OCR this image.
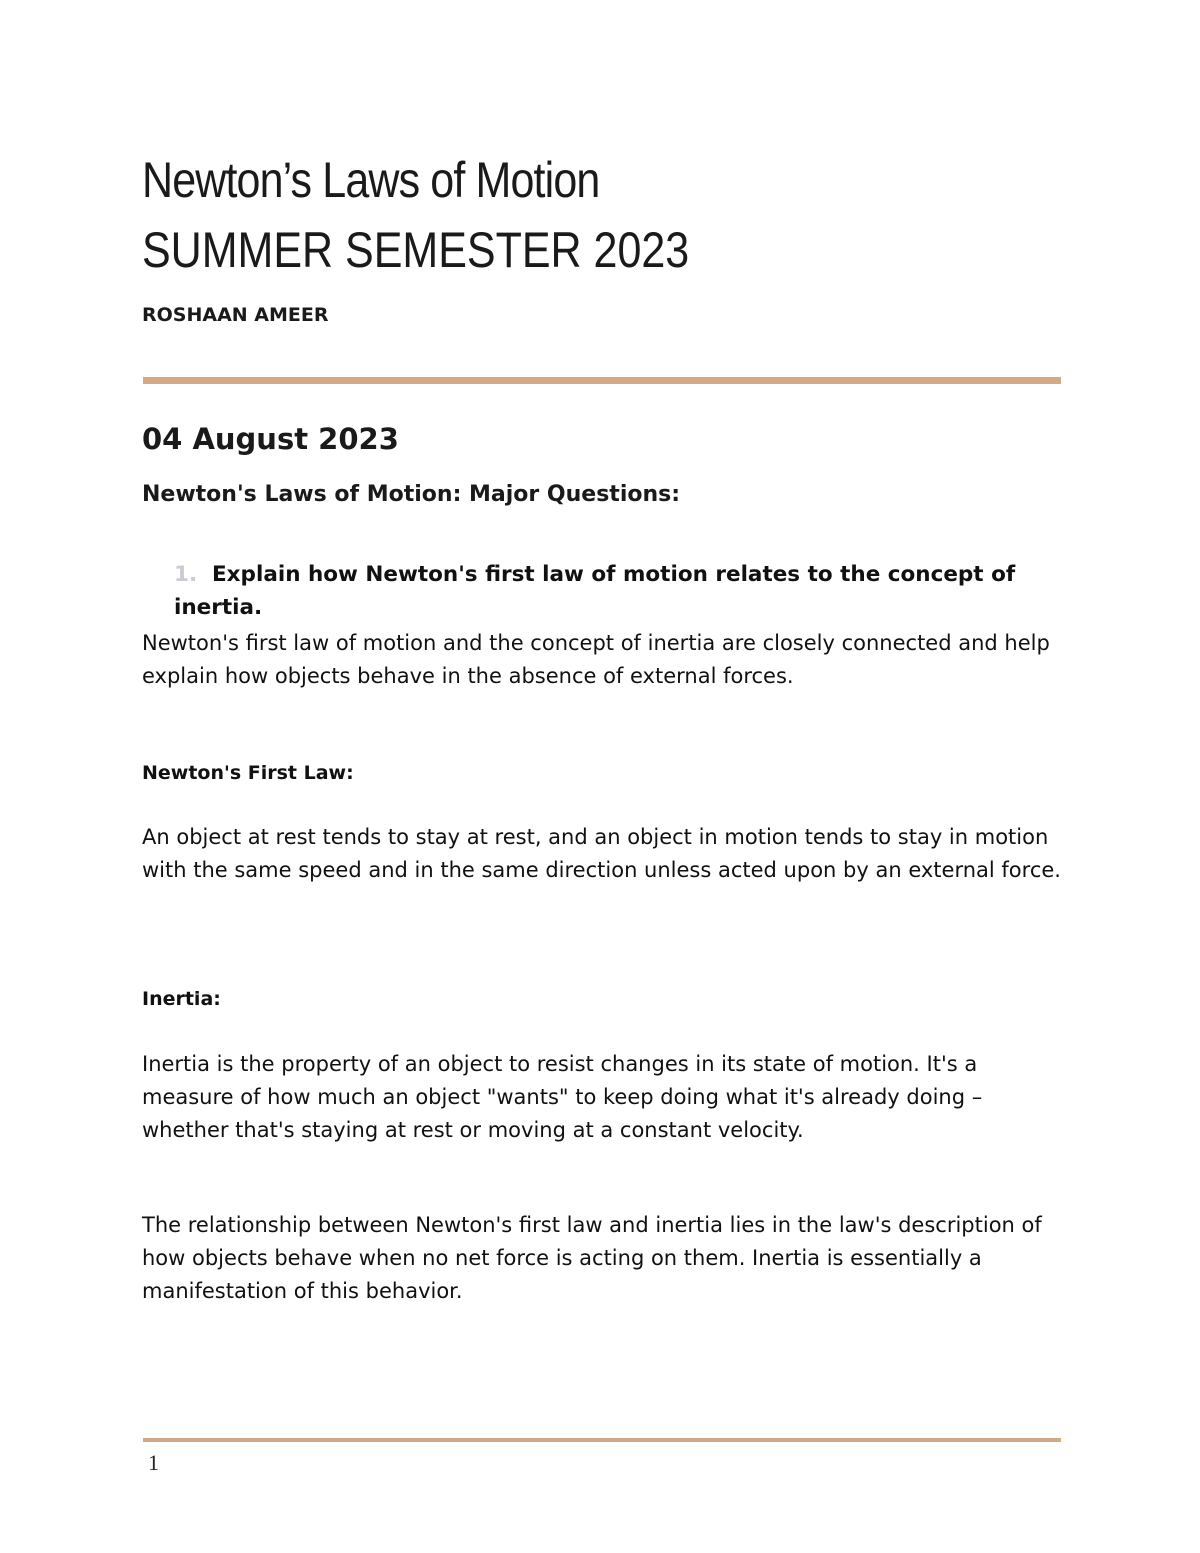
Newton’s Laws of Motion
SUMMER SEMESTER 2023
ROSHAAN AMEER
04 August 2023
Newton's Laws of Motion: Major Questions:
1. Explain how Newton's first law of motion relates to the concept of inertia.
Newton's first law of motion and the concept of inertia are closely connected and help explain how objects behave in the absence of external forces.
Newton's First Law:
An object at rest tends to stay at rest, and an object in motion tends to stay in motion with the same speed and in the same direction unless acted upon by an external force.
Inertia:
Inertia is the property of an object to resist changes in its state of motion. It's a measure of how much an object "wants" to keep doing what it's already doing – whether that's staying at rest or moving at a constant velocity.
The relationship between Newton's first law and inertia lies in the law's description of how objects behave when no net force is acting on them. Inertia is essentially a manifestation of this behavior.
1
